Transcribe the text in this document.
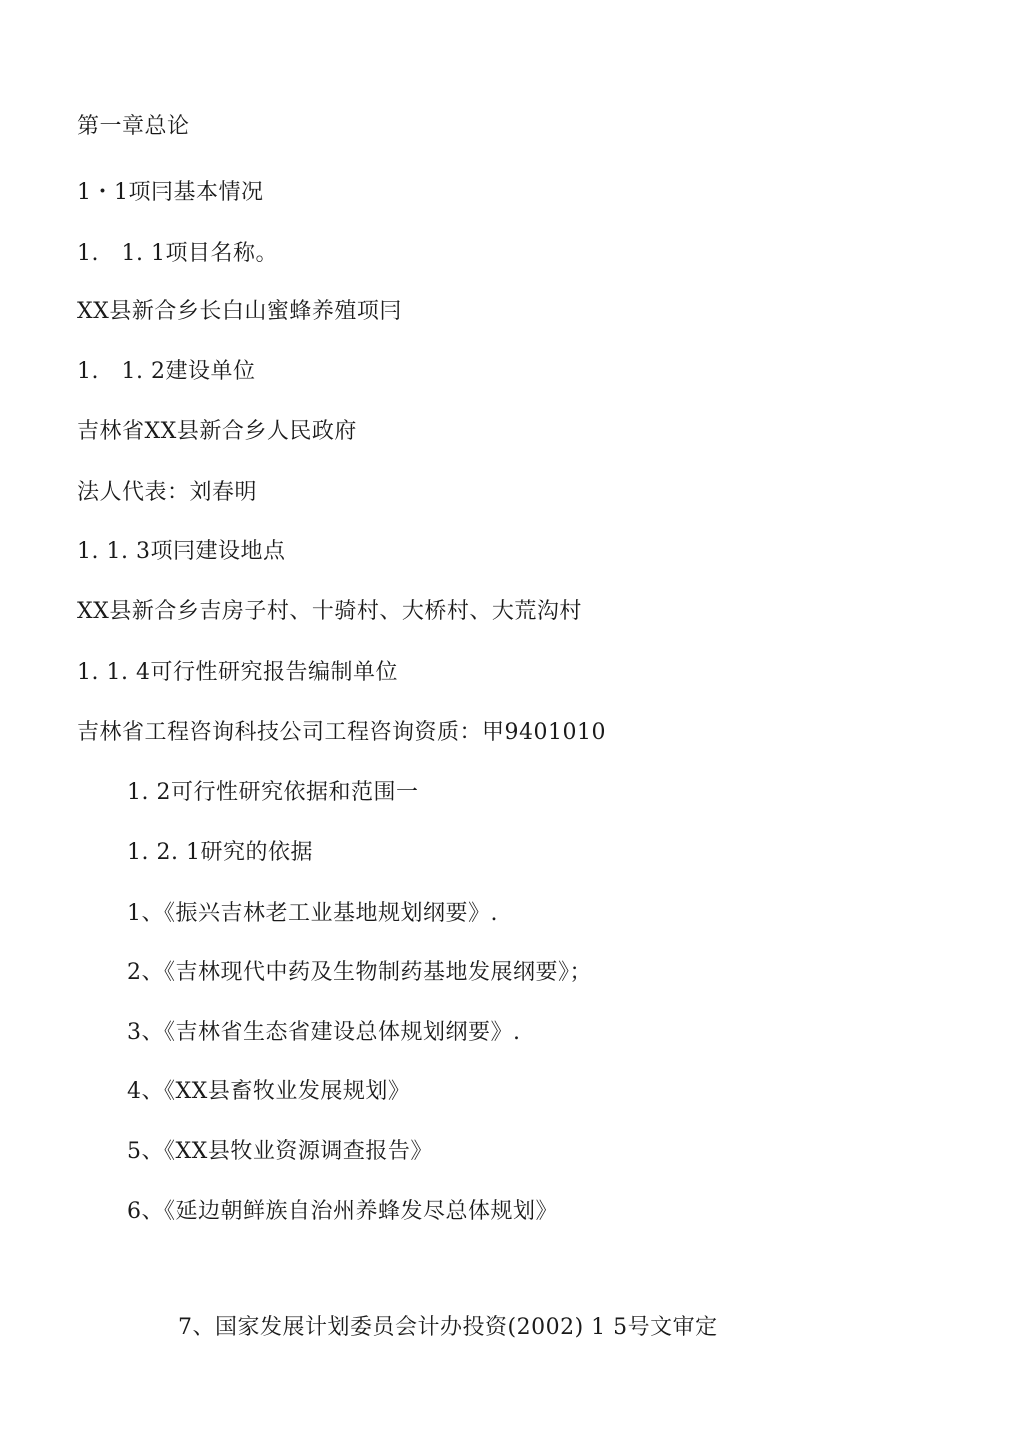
第一章总论
1・1项冃基本情况
1.　1. 1项目名称。
XX县新合乡长白山蜜蜂养殖项冃
1.　1. 2建设单位
吉林省XX县新合乡人民政府
法人代表：刘春明
1. 1. 3项冃建设地点
XX县新合乡吉房子村、十骑村、大桥村、大荒沟村
1. 1. 4可行性研究报告编制单位
吉林省工程咨询科技公司工程咨询资质：甲9401010
1. 2可行性研究依据和范围一
1. 2. 1研究的依据
1、《振兴吉林老工业基地规划纲要》.
2、《吉林现代中药及生物制药基地发展纲要》；
3、《吉林省生态省建设总体规划纲要》.
4、《XX县畜牧业发展规划》
5、《XX县牧业资源调查报告》
6、《延边朝鲜族自治州养蜂发尽总体规划》
7、国家发展计划委员会计办投资(2002) 1 5号文审定
